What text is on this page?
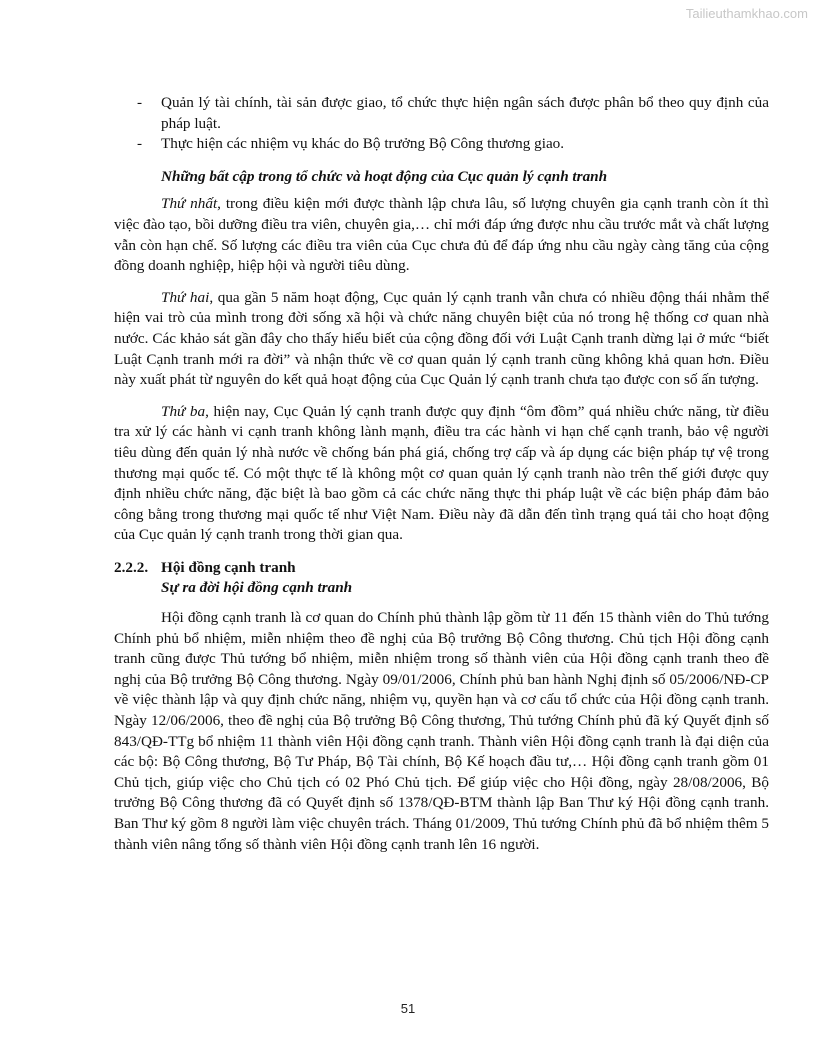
Tailieuthamkhao.com
- Quản lý tài chính, tài sản được giao, tổ chức thực hiện ngân sách được phân bổ theo quy định của pháp luật.
- Thực hiện các nhiệm vụ khác do Bộ trưởng Bộ Công thương giao.
Những bất cập trong tổ chức và hoạt động của Cục quản lý cạnh tranh

Thứ nhất, trong điều kiện mới được thành lập chưa lâu, số lượng chuyên gia cạnh tranh còn ít thì việc đào tạo, bồi dưỡng điều tra viên, chuyên gia,… chỉ mới đáp ứng được nhu cầu trước mắt và chất lượng vẫn còn hạn chế. Số lượng các điều tra viên của Cục chưa đủ để đáp ứng nhu cầu ngày càng tăng của cộng đồng doanh nghiệp, hiệp hội và người tiêu dùng.

Thứ hai, qua gần 5 năm hoạt động, Cục quản lý cạnh tranh vẫn chưa có nhiều động thái nhằm thể hiện vai trò của mình trong đời sống xã hội và chức năng chuyên biệt của nó trong hệ thống cơ quan nhà nước. Các khảo sát gần đây cho thấy hiểu biết của cộng đồng đối với Luật Cạnh tranh dừng lại ở mức “biết Luật Cạnh tranh mới ra đời” và nhận thức về cơ quan quản lý cạnh tranh cũng không khả quan hơn. Điều này xuất phát từ nguyên do kết quả hoạt động của Cục Quản lý cạnh tranh chưa tạo được con số ấn tượng.

Thứ ba, hiện nay, Cục Quản lý cạnh tranh được quy định “ôm đồm” quá nhiều chức năng, từ điều tra xử lý các hành vi cạnh tranh không lành mạnh, điều tra các hành vi hạn chế cạnh tranh, bảo vệ người tiêu dùng đến quản lý nhà nước về chống bán phá giá, chống trợ cấp và áp dụng các biện pháp tự vệ trong thương mại quốc tế. Có một thực tế là không một cơ quan quản lý cạnh tranh nào trên thế giới được quy định nhiều chức năng, đặc biệt là bao gồm cả các chức năng thực thi pháp luật về các biện pháp đảm bảo công bằng trong thương mại quốc tế như Việt Nam. Điều này đã dẫn đến tình trạng quá tải cho hoạt động của Cục quản lý cạnh tranh trong thời gian qua.

2.2.2. Hội đồng cạnh tranh
Sự ra đời hội đồng cạnh tranh

Hội đồng cạnh tranh là cơ quan do Chính phủ thành lập gồm từ 11 đến 15 thành viên do Thủ tướng Chính phủ bổ nhiệm, miễn nhiệm theo đề nghị của Bộ trưởng Bộ Công thương. Chủ tịch Hội đồng cạnh tranh cũng được Thủ tướng bổ nhiệm, miễn nhiệm trong số thành viên của Hội đồng cạnh tranh theo đề nghị của Bộ trưởng Bộ Công thương. Ngày 09/01/2006, Chính phủ ban hành Nghị định số 05/2006/NĐ-CP về việc thành lập và quy định chức năng, nhiệm vụ, quyền hạn và cơ cấu tổ chức của Hội đồng cạnh tranh. Ngày 12/06/2006, theo đề nghị của Bộ trưởng Bộ Công thương, Thủ tướng Chính phủ đã ký Quyết định số 843/QĐ-TTg bổ nhiệm 11 thành viên Hội đồng cạnh tranh. Thành viên Hội đồng cạnh tranh là đại diện của các bộ: Bộ Công thương, Bộ Tư Pháp, Bộ Tài chính, Bộ Kế hoạch đầu tư,… Hội đồng cạnh tranh gồm 01 Chủ tịch, giúp việc cho Chủ tịch có 02 Phó Chủ tịch. Để giúp việc cho Hội đồng, ngày 28/08/2006, Bộ trưởng Bộ Công thương đã có Quyết định số 1378/QĐ-BTM thành lập Ban Thư ký Hội đồng cạnh tranh. Ban Thư ký gồm 8 người làm việc chuyên trách. Tháng 01/2009, Thủ tướng Chính phủ đã bổ nhiệm thêm 5 thành viên nâng tổng số thành viên Hội đồng cạnh tranh lên 16 người.

51
